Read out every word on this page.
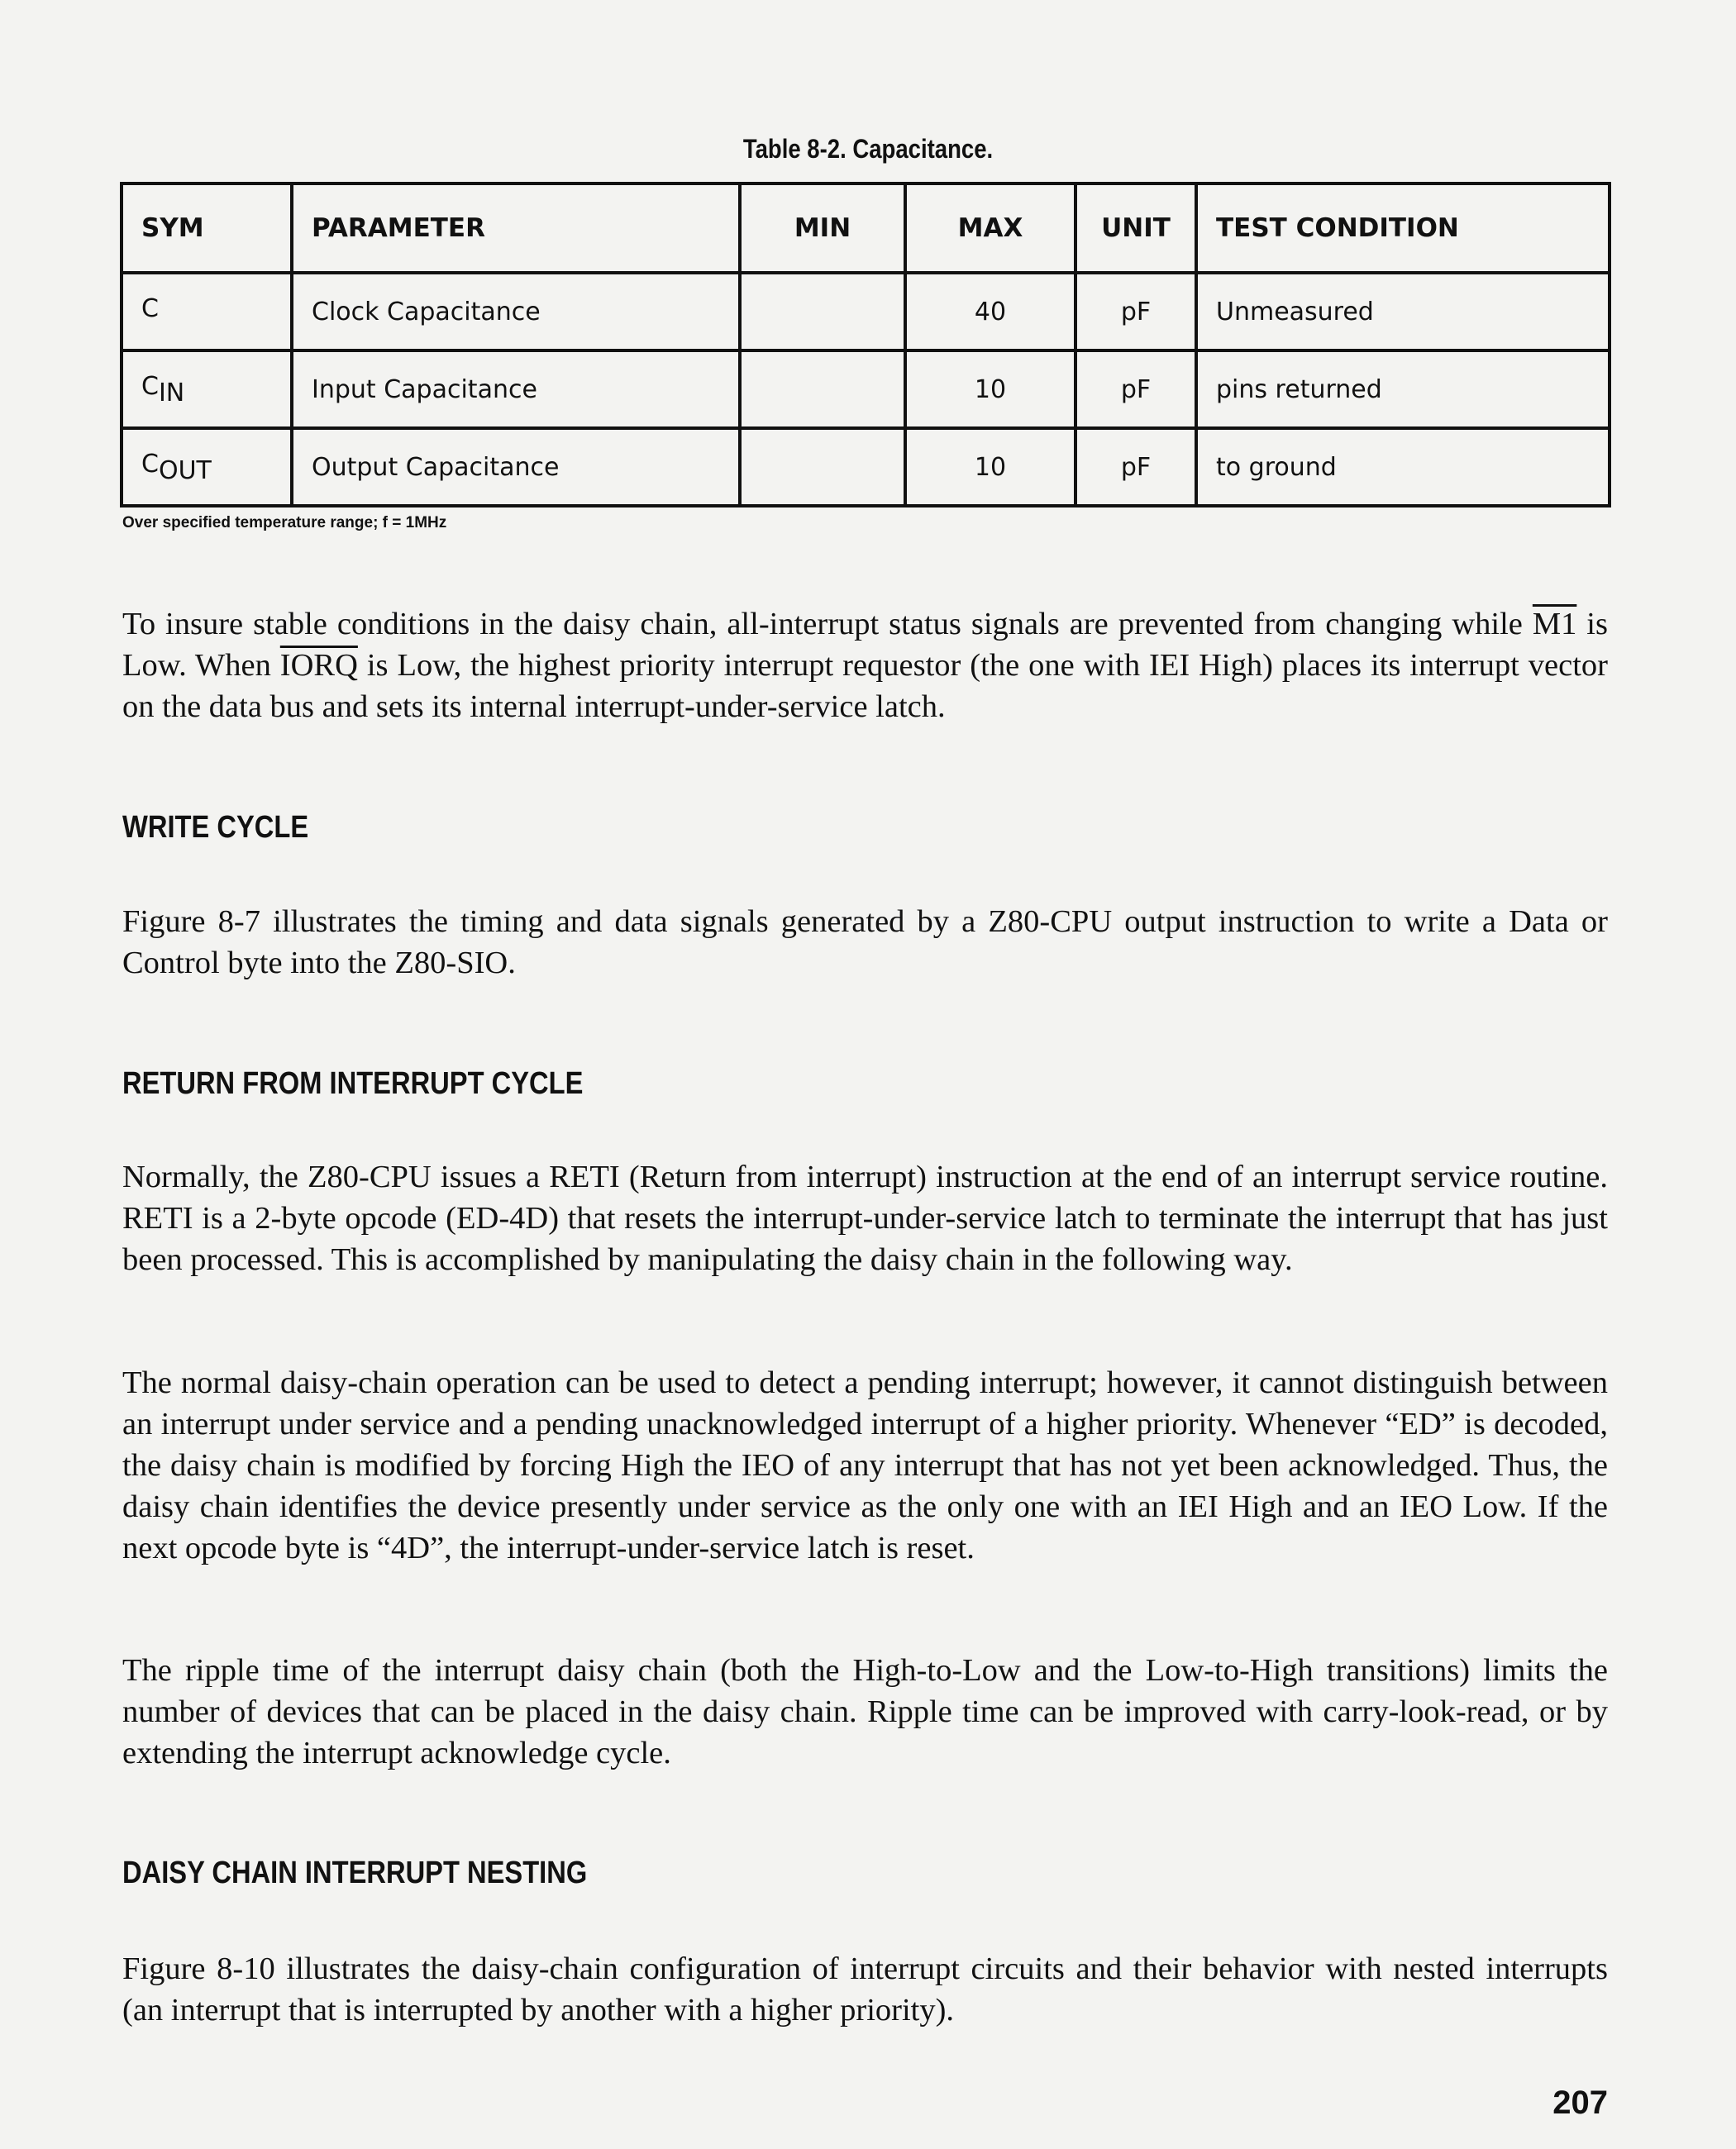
Table 8-2. Capacitance.
SYM	PARAMETER	MIN	MAX	UNIT	TEST CONDITION
C	Clock Capacitance		40	pF	Unmeasured
$C_{IN}$	Input Capacitance		10	pF	pins returned
$C_{OUT}$	Output Capacitance		10	pF	to ground
Over specified temperature range; f = 1MHz

To insure stable conditions in the daisy chain, all-interrupt status signals are prevented from changing while M1 is Low. When IORQ is Low, the highest priority interrupt requestor (the one with IEI High) places its interrupt vector on the data bus and sets its internal interrupt-under-service latch.

WRITE CYCLE

Figure 8-7 illustrates the timing and data signals generated by a Z80-CPU output instruction to write a Data or Control byte into the Z80-SIO.

RETURN FROM INTERRUPT CYCLE

Normally, the Z80-CPU issues a RETI (Return from interrupt) instruction at the end of an interrupt service routine. RETI is a 2-byte opcode (ED-4D) that resets the interrupt-under-service latch to terminate the interrupt that has just been processed. This is accomplished by manipulating the daisy chain in the following way.

The normal daisy-chain operation can be used to detect a pending interrupt; however, it cannot distinguish between an interrupt under service and a pending unacknowledged interrupt of a higher priority. Whenever “ED” is decoded, the daisy chain is modified by forcing High the IEO of any interrupt that has not yet been acknowledged. Thus, the daisy chain identifies the device presently under service as the only one with an IEI High and an IEO Low. If the next opcode byte is “4D”, the interrupt-under-service latch is reset.

The ripple time of the interrupt daisy chain (both the High-to-Low and the Low-to-High transitions) limits the number of devices that can be placed in the daisy chain. Ripple time can be improved with carry-look-read, or by extending the interrupt acknowledge cycle.

DAISY CHAIN INTERRUPT NESTING

Figure 8-10 illustrates the daisy-chain configuration of interrupt circuits and their behavior with nested interrupts (an interrupt that is interrupted by another with a higher priority).

207
